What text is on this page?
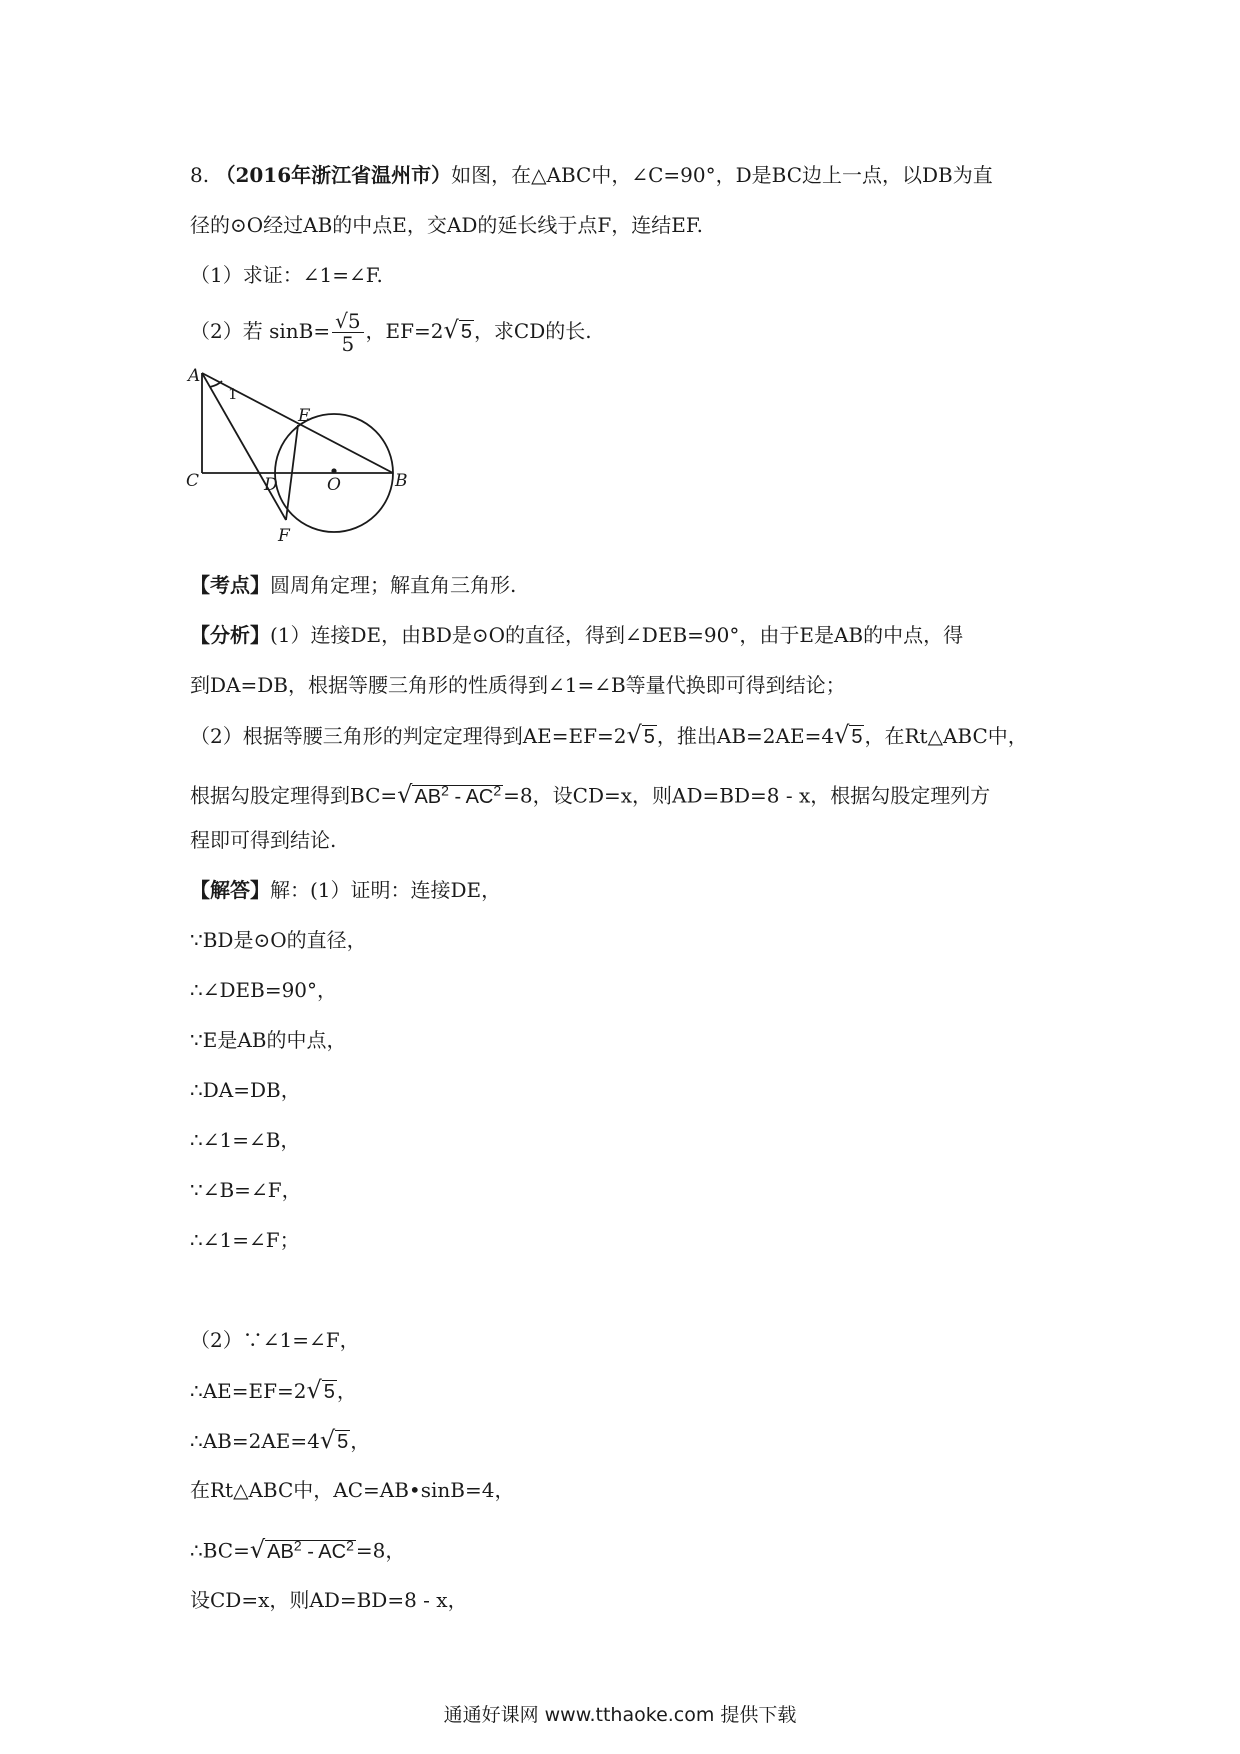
8. （2016年浙江省温州市）如图，在△ABC中，∠C=90°，D是BC边上一点，以DB为直
径的⊙O经过AB的中点E，交AD的延长线于点F，连结EF.
（1）求证：∠1=∠F.
（2）若 $\sin B= \frac{√5}{5}$ ，EF=2√ 5 ，求CD的长.
A
E
C	D	O	B
F
1
【考点】圆周角定理；解直角三角形.
【分析】(1）连接DE，由BD是⊙O的直径，得到∠DEB=90°，由于E是AB的中点，得
到DA=DB，根据等腰三角形的性质得到∠1=∠B等量代换即可得到结论；
（2）根据等腰三角形的判定定理得到AE=EF=2√ 5 ，推出AB=2AE=4√ 5 ，在Rt△ABC中，
根据勾股定理得到BC=√ $AB^2 - AC^2 =8$，设CD=x，则AD=BD=8 - x，根据勾股定理列方
程即可得到结论.
【解答】解：(1）证明：连接DE，
∵BD是⊙O的直径，
∴∠DEB=90°，
∵E是AB的中点，
∴DA=DB，
∴∠1=∠B，
∵∠B=∠F，
∴∠1=∠F；
（2）∵∠1=∠F，
∴AE=EF=2√ 5 ，
∴AB=2AE=4√ 5 ，
在Rt△ABC中，AC=AB•sinB=4，
∴BC=√ $AB^2 - AC^2 =8$，
设CD=x，则AD=BD=8 - x，
通通好课网 www.tthaoke.com 提供下载
